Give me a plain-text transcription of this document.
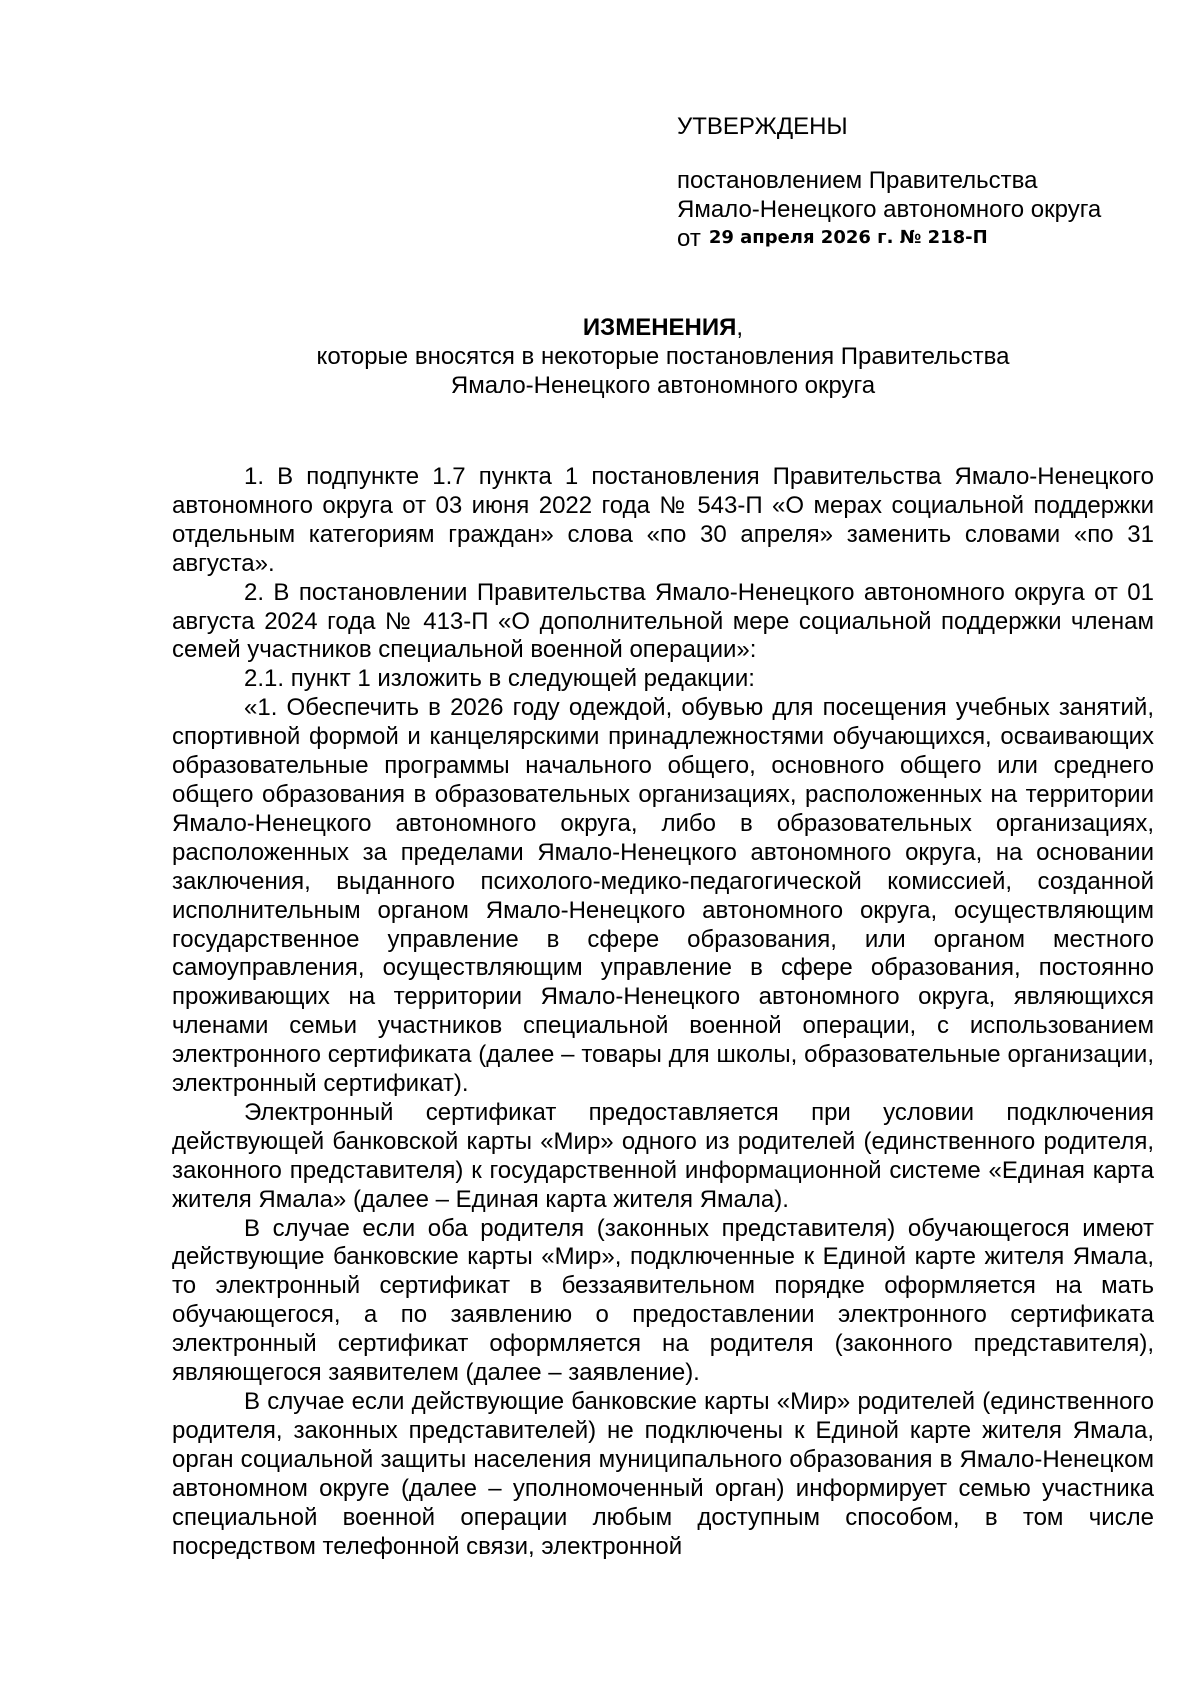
УТВЕРЖДЕНЫ

постановлением Правительства

Ямало-Ненецкого автономного округа

от 29 апреля 2026 г. № 218-П

ИЗМЕНЕНИЯ,

которые вносятся в некоторые постановления Правительства

Ямало-Ненецкого автономного округа

1. В подпункте 1.7 пункта 1 постановления Правительства Ямало-Ненецкого автономного округа от 03 июня 2022 года № 543-П «О мерах социальной поддержки отдельным категориям граждан» слова «по 30 апреля» заменить словами «по 31 августа».

2. В постановлении Правительства Ямало-Ненецкого автономного округа от 01 августа 2024 года № 413-П «О дополнительной мере социальной поддержки членам семей участников специальной военной операции»:

2.1. пункт 1 изложить в следующей редакции:

«1. Обеспечить в 2026 году одеждой, обувью для посещения учебных занятий, спортивной формой и канцелярскими принадлежностями обучающихся, осваивающих образовательные программы начального общего, основного общего или среднего общего образования в образовательных организациях, расположенных на территории Ямало-Ненецкого автономного округа, либо в образовательных организациях, расположенных за пределами Ямало-Ненецкого автономного округа, на основании заключения, выданного психолого-медико-педагогической комиссией, созданной исполнительным органом Ямало-Ненецкого автономного округа, осуществляющим государственное управление в сфере образования, или органом местного самоуправления, осуществляющим управление в сфере образования, постоянно проживающих на территории Ямало-Ненецкого автономного округа, являющихся членами семьи участников специальной военной операции, с использованием электронного сертификата (далее – товары для школы, образовательные организации, электронный сертификат).

Электронный сертификат предоставляется при условии подключения действующей банковской карты «Мир» одного из родителей (единственного родителя, законного представителя) к государственной информационной системе «Единая карта жителя Ямала» (далее – Единая карта жителя Ямала).

В случае если оба родителя (законных представителя) обучающегося имеют действующие банковские карты «Мир», подключенные к Единой карте жителя Ямала, то электронный сертификат в беззаявительном порядке оформляется на мать обучающегося, а по заявлению о предоставлении электронного сертификата электронный сертификат оформляется на родителя (законного представителя), являющегося заявителем (далее – заявление).

В случае если действующие банковские карты «Мир» родителей (единственного родителя, законных представителей) не подключены к Единой карте жителя Ямала, орган социальной защиты населения муниципального образования в Ямало-Ненецком автономном округе (далее – уполномоченный орган) информирует семью участника специальной военной операции любым доступным способом, в том числе посредством телефонной связи, электронной
